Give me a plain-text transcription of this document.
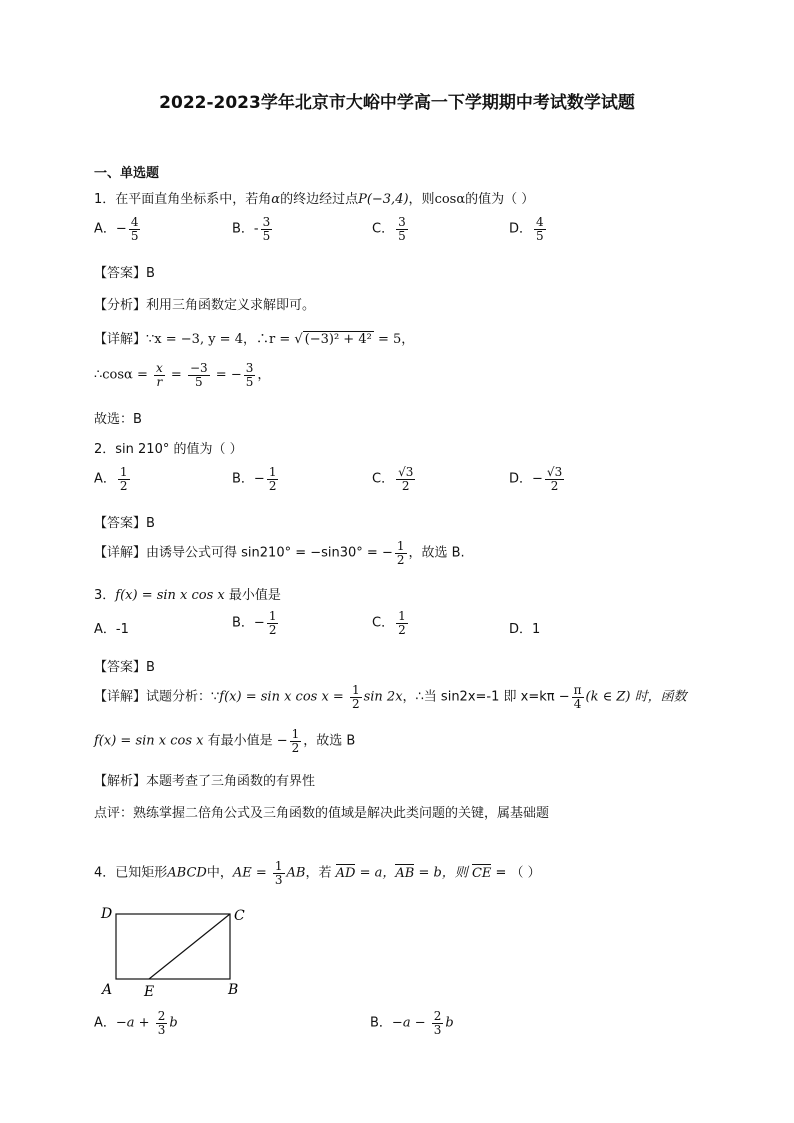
2022-2023学年北京市大峪中学高一下学期期中考试数学试题
一、单选题
1．在平面直角坐标系中，若角α的终边经过点P(−3,4)，则cosα的值为（ ）
A．− $\frac{4}{5}$	B．- $\frac{3}{5}$	C． $\frac{3}{5}$	D． $\frac{4}{5}$
【答案】B
【分析】利用三角函数定义求解即可。
【详解】∵x = −3, y = 4，∴r = √ (−3)² + 4² = 5，
∴cosα = $\frac{x}{r} = \frac{-3}{5}$ = − $\frac{3}{5}$ ，
故选：B
2．sin 210° 的值为（ ）
A． $\frac{1}{2}$	B．− $\frac{1}{2}$	C． $\frac{√3}{2}$	D．− $\frac{√3}{2}$
【答案】B
【详解】由诱导公式可得 sin210° = −sin30° = − $\frac{1}{2}$ ，故选 B.
3．f(x) = sin x cos x 最小值是
A．-1	B．− $\frac{1}{2}$	C． $\frac{1}{2}$	D．1
【答案】B
【详解】试题分析：∵f(x) = sin x $\cos x = \frac{1}{2}$ sin 2x，∴当 sin2x=-1 即 $x=k\pi - \frac{\pi}{4} (k$ ∈ Z) 时，函数
f(x) = sin x cos x 有最小值是 − $\frac{1}{2}$ ，故选 B
【解析】本题考查了三角函数的有界性
点评：熟练掌握二倍角公式及三角函数的值域是解决此类问题的关键，属基础题
4．已知矩形ABCD中，AE = $\frac{1}{3}$ AB，若 AD = a，AB = b，则 CE = （ ）
D	C
A E	B
A．$-a + \frac{2}{3}$ b	B．$-a - \frac{2}{3}$ b
